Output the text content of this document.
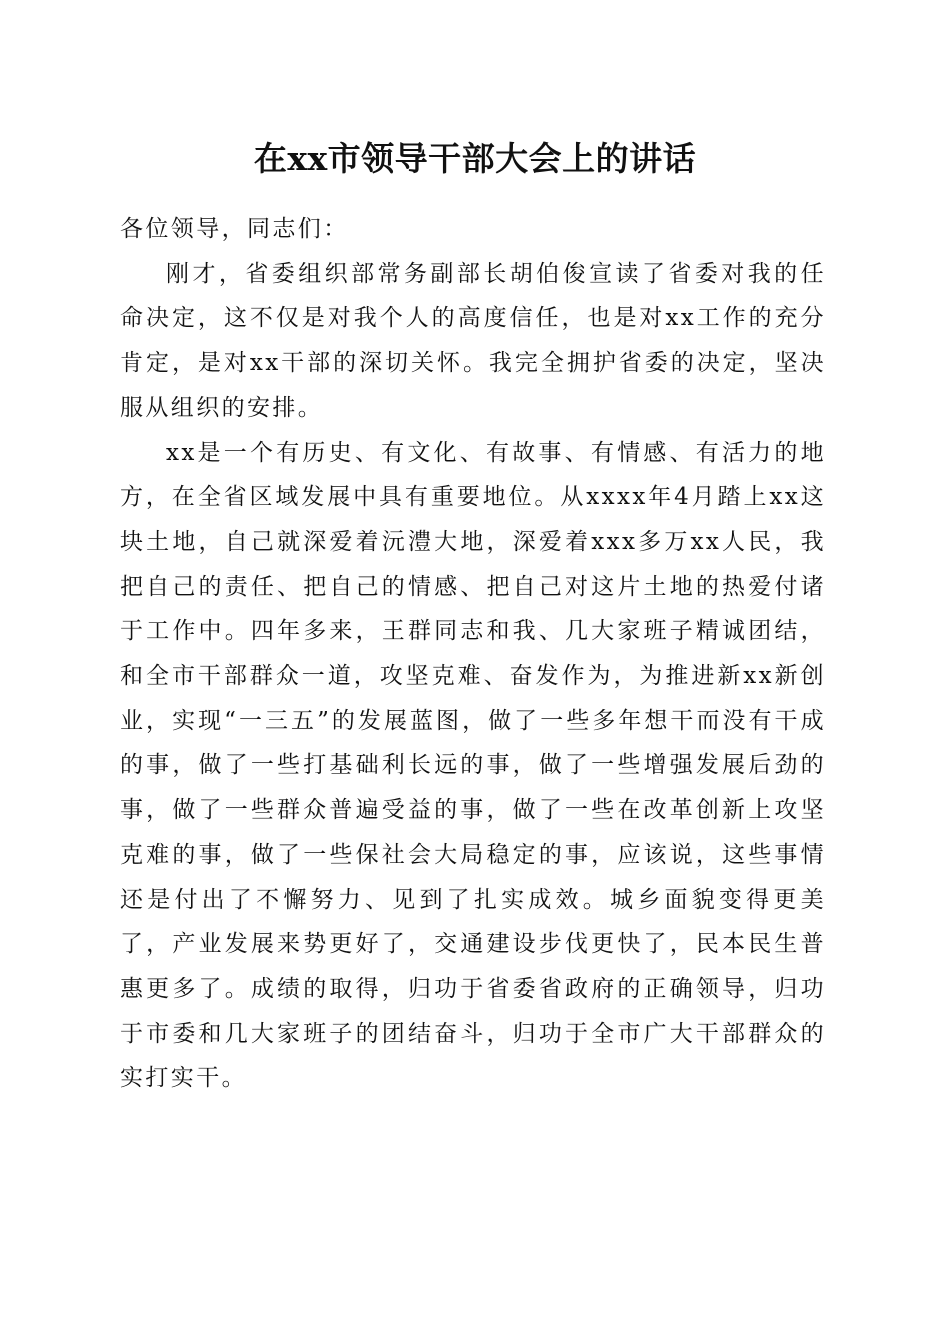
在xx市领导干部大会上的讲话

各位领导，同志们：

刚才，省委组织部常务副部长胡伯俊宣读了省委对我的任命决定，这不仅是对我个人的高度信任，也是对xx工作的充分肯定，是对xx干部的深切关怀。我完全拥护省委的决定，坚决服从组织的安排。

xx是一个有历史、有文化、有故事、有情感、有活力的地方，在全省区域发展中具有重要地位。从xxxx年4月踏上xx这块土地，自己就深爱着沅澧大地，深爱着xxx多万xx人民，我把自己的责任、把自己的情感、把自己对这片土地的热爱付诸于工作中。四年多来，王群同志和我、几大家班子精诚团结，和全市干部群众一道，攻坚克难、奋发作为，为推进新xx新创业，实现“一三五”的发展蓝图，做了一些多年想干而没有干成的事，做了一些打基础利长远的事，做了一些增强发展后劲的事，做了一些群众普遍受益的事，做了一些在改革创新上攻坚克难的事，做了一些保社会大局稳定的事，应该说，这些事情还是付出了不懈努力、见到了扎实成效。城乡面貌变得更美了，产业发展来势更好了，交通建设步伐更快了，民本民生普惠更多了。成绩的取得，归功于省委省政府的正确领导，归功于市委和几大家班子的团结奋斗，归功于全市广大干部群众的实打实干。
